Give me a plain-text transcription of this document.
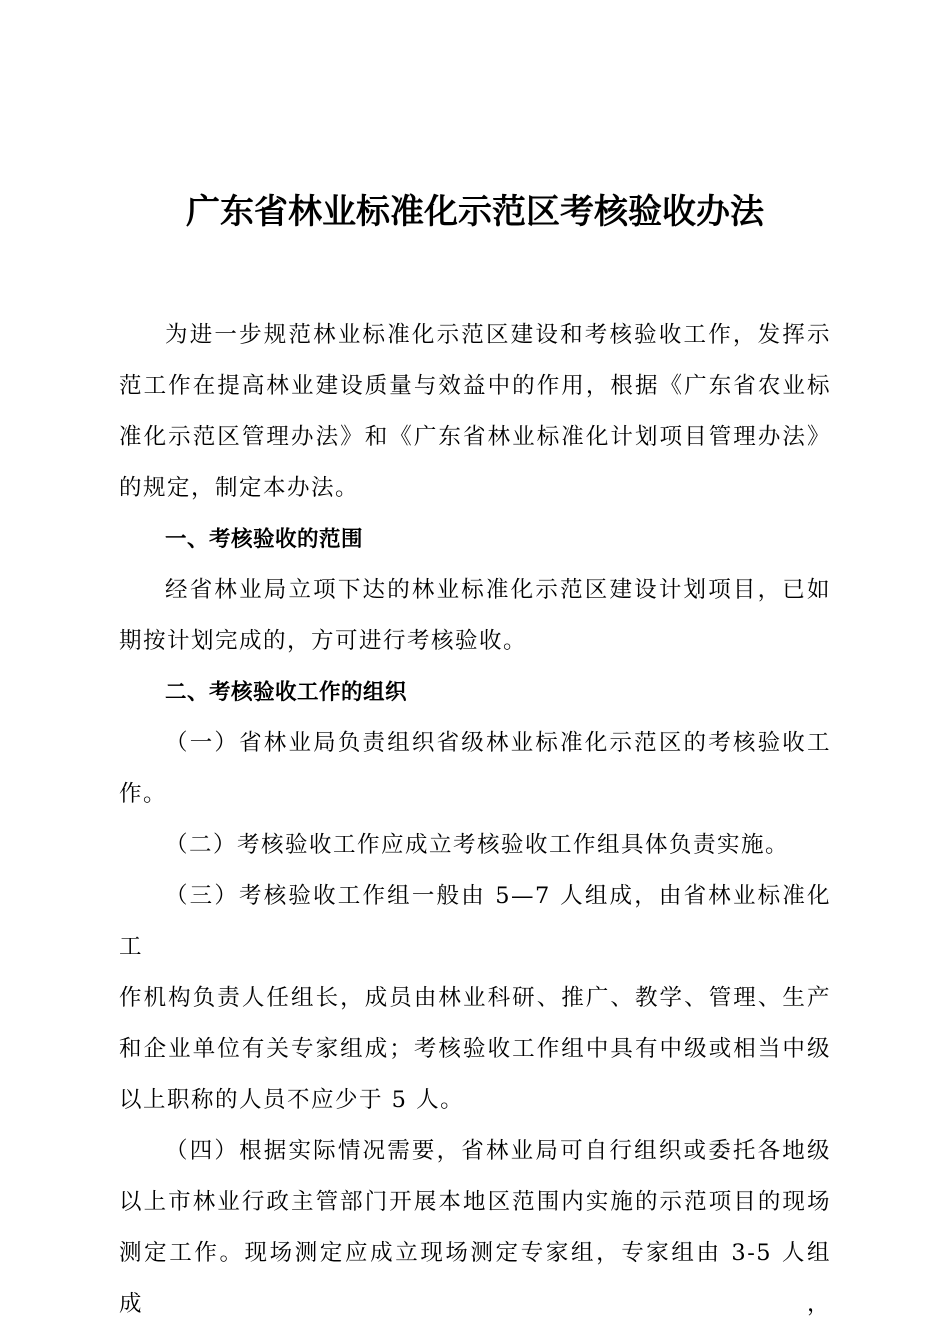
广东省林业标准化示范区考核验收办法
为进一步规范林业标准化示范区建设和考核验收工作，发挥示
范工作在提高林业建设质量与效益中的作用，根据《广东省农业标
准化示范区管理办法》和《广东省林业标准化计划项目管理办法》
的规定，制定本办法。
一、考核验收的范围
经省林业局立项下达的林业标准化示范区建设计划项目，已如
期按计划完成的，方可进行考核验收。
二、考核验收工作的组织
（一）省林业局负责组织省级林业标准化示范区的考核验收工
作。
（二）考核验收工作应成立考核验收工作组具体负责实施。
（三）考核验收工作组一般由 5—7 人组成，由省林业标准化工
作机构负责人任组长，成员由林业科研、推广、教学、管理、生产
和企业单位有关专家组成；考核验收工作组中具有中级或相当中级
以上职称的人员不应少于 5 人。
（四）根据实际情况需要，省林业局可自行组织或委托各地级
以上市林业行政主管部门开展本地区范围内实施的示范项目的现场
测定工作。现场测定应成立现场测定专家组，专家组由 3-5 人组成，
